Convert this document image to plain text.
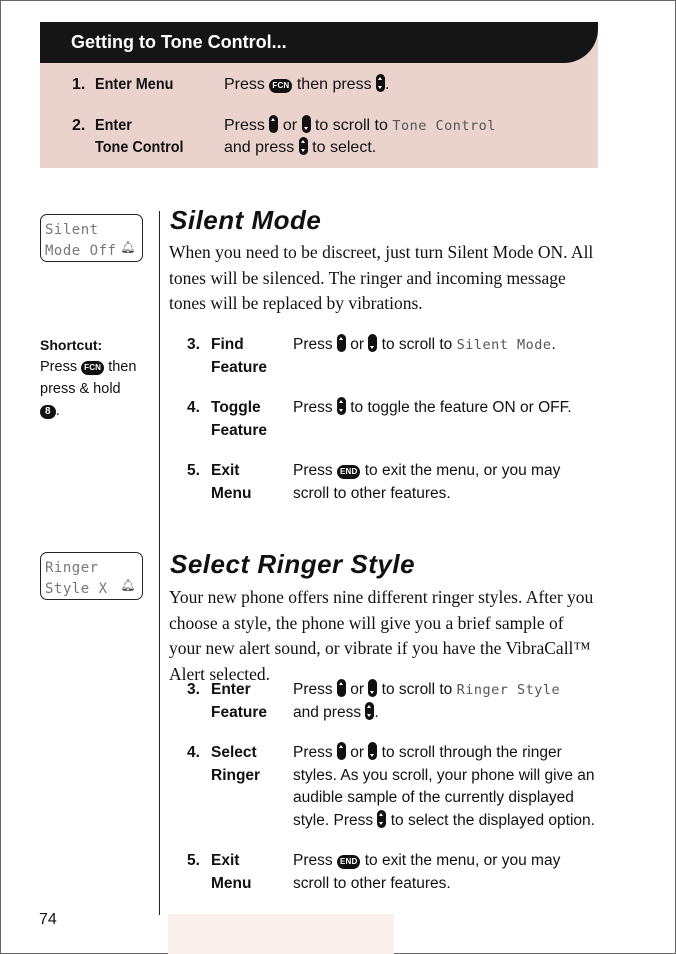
Getting to Tone Control...
1. Enter Menu	Press FCN then press .
2. Enter
Tone Control
Press or to scroll to Tone Control
and press to select.
Silent
Mode Off 🔔︎
Silent Mode
When you need to be discreet, just turn Silent Mode ON. All tones will be silenced. The ringer and incoming message tones will be replaced by vibrations.
Shortcut:
Press FCN then press & hold
8 .
3. Find
Feature
Press or to scroll to Silent Mode.
4. Toggle
Feature
Press to toggle the feature ON or OFF.
5. Exit
Menu
Press END to exit the menu, or you may scroll to other features.
Ringer
Style X	🔔︎
Select Ringer Style
Your new phone offers nine different ringer styles. After you choose a style, the phone will give you a brief sample of your new alert sound, or vibrate if you have the VibraCall™ Alert selected.
3. Enter
Feature
Press or to scroll to Ringer Style
and press .
4. Select
Ringer
Press or to scroll through the ringer styles. As you scroll, your phone will give an audible sample of the currently displayed style. Press to select the displayed option.
5. Exit
Menu
Press END to exit the menu, or you may scroll to other features.
74
